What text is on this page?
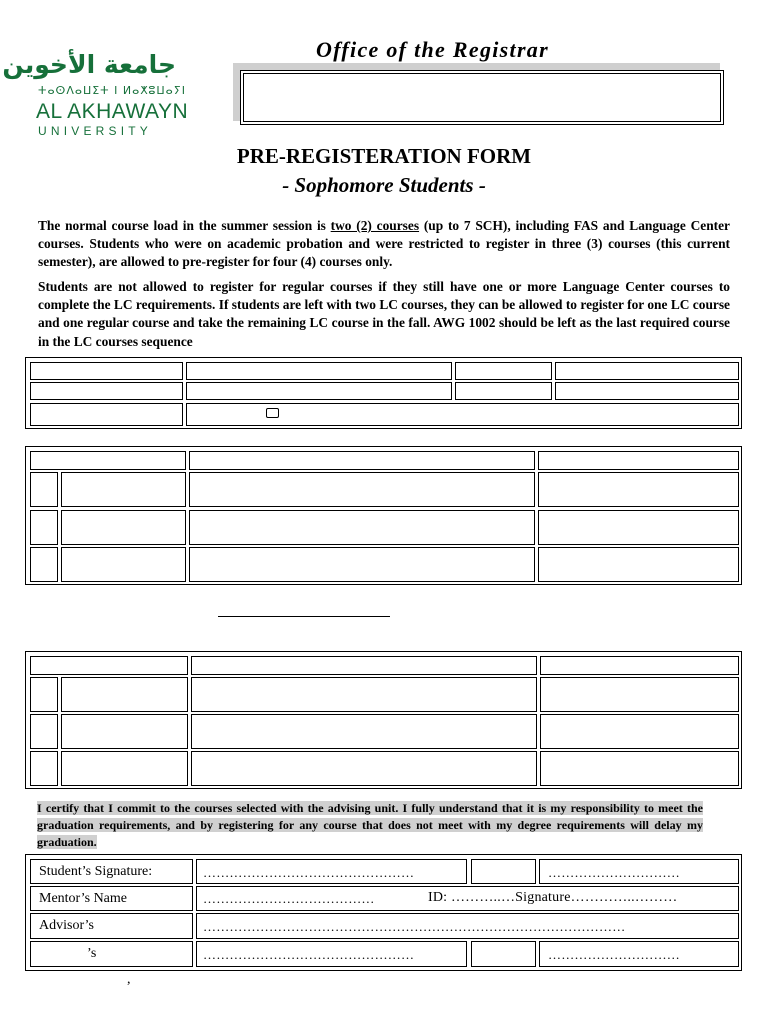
جامعة الأخوين
ⵜⴰⵙⴷⴰⵡⵉⵜ ⵏ ⵍⴰⵅⵓⵡⴰⵢⵏ
AL AKHAWAYN
UNIVERSITY
Office of the Registrar
PRE-REGISTERATION FORM
- Sophomore Students -
The normal course load in the summer session is two (2) courses (up to 7 SCH), including FAS and Language Center courses. Students who were on academic probation and were restricted to register in three (3) courses (this current semester), are allowed to pre-register for four (4) courses only.
Students are not allowed to register for regular courses if they still have one or more Language Center courses to complete the LC requirements. If students are left with two LC courses, they can be allowed to register for one LC course and one regular course and take the remaining LC course in the fall. AWG 1002 should be left as the last required course in the LC courses sequence
I certify that I commit to the courses selected with the advising unit. I fully understand that it is my responsibility to meet the graduation requirements, and by registering for any course that does not meet with my degree requirements will delay my graduation.
Student’s Signature:	…………………………………………	…………………………
Mentor’s Name	…………………………………	ID: ………..…Signature…………..………
Advisor’s	……………………………………………………………………………………
’s	…………………………………………	…………………………
,
